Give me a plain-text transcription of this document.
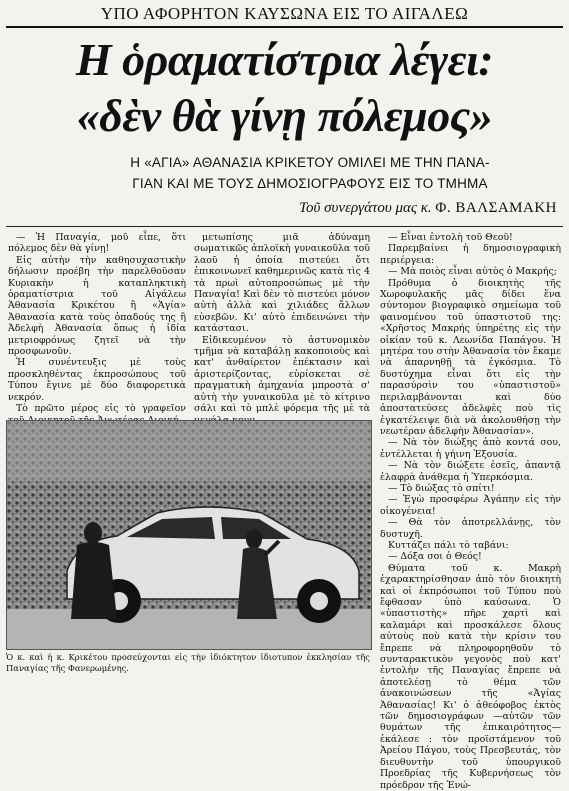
ΥΠΟ ΑΦΟΡΗΤΟΝ ΚΑΥΣΩΝΑ ΕΙΣ ΤΟ ΑΙΓΑΛΕΩ
Η ὁραματίστρια λέγει:
«δὲν θὰ γίνῃ πόλεμος»
Η «ΑΓΙΑ» ΑΘΑΝΑΣΙΑ ΚΡΙΚΕΤΟΥ ΟΜΙΛΕΙ ΜΕ ΤΗΝ ΠΑΝΑ-
ΓΙΑΝ ΚΑΙ ΜΕ ΤΟΥΣ ΔΗΜΟΣΙΟΓΡΑΦΟΥΣ ΕΙΣ ΤΟ ΤΜΗΜΑ
Τοῦ συνεργάτου μας κ. Φ. ΒΑΛΣΑΜΑΚΗ

— Ἡ Παναγία, μοῦ εἶπε, ὅτι πόλεμος δὲν θὰ γίνῃ!

Εἰς αὐτὴν τὴν καθησυχαστικὴν δήλωσιν προέβη τὴν παρελθοῦσαν Κυριακὴν ἡ καταπληκτικὴ ὁραματίστρια τοῦ Αἰγάλεω Ἀθανασία Κρικέτου ἢ «Ἁγία» Ἀθανασία κατὰ τοὺς ὀπαδούς της ἢ Ἀδελφὴ Ἀθανασία ὅπως ἡ ἰδία μετριοφρόνως ζητεῖ νὰ τὴν προσφωνοῦν.

Ἡ συνέντευξις μὲ τοὺς προσκληθέντας ἐκπροσώπους τοῦ Τύπου ἔγινε μὲ δύο διαφορετικὰ νεκρόν.

Τὸ πρῶτο μέρος εἰς τὸ γραφεῖον

μετωπίσης μιᾶ ἀδύναμη σωματικῶς ἁπλοϊκὴ γυναικοῦλα τοῦ λαοῦ ἡ ὁποία πιστεύει ὅτι ἐπικοινωνεῖ καθημερινῶς κατὰ τὶς 4 τὰ πρωὶ αὐτοπροσώπως μὲ τὴν Παναγία! Καὶ δὲν τὸ πιστεύει μόνον αὐτὴ ἀλλὰ καὶ χιλιάδες ἄλλων εὐσεβῶν. Κι' αὐτὸ ἐπιδεινώνει τὴν κατάστασι.

Εἰδικευμένον τὸ ἀστυνομικὸν τμῆμα νὰ καταβάλῃ κακοποιοὺς καὶ κατ' ἀνθαίρετον ἐπέκτασιν καὶ ἀριστερίζοντας, εὑρίσκεται σὲ πραγματικὴ ἀμηχανία μπροστὰ σ' αὐτὴ τὴν γυναικοῦλα μὲ τὸ κίτρινο σάλι καὶ τὸ μπλὲ φόρεμα τῆς μὲ τὰ

— Εἶναι ἐντολὴ τοῦ Θεοῦ!

Παρεμβαίνει ἡ δημοσιογραφικὴ περιέργεια:

— Μὰ ποιὸς εἶναι αὐτὸς ὁ Μακρής;

Πρόθυμα ὁ διοικητὴς τῆς Χωροφυλακῆς μᾶς δίδει ἕνα σύντομον βιογραφικὸ σημείωμα τοῦ φαινομένου τοῦ ὑπαστιστοῦ της: «Χρῆστος Μακρής ὑπηρέτης εἰς τὴν οἰκίαν τοῦ κ. Λεωνίδα Παπάγου. Ἡ μητέρα του στὴν Ἀθανασία τὸν ἔκαμε νὰ ἀπαρνηθῇ τὰ ἐγκόσμια. Τὸ δυστύχημα εἶναι ὅτι εἰς τὴν παρασύρσὶν του «ὑπαστιστοῦ» περιλαμβάνονται καὶ δύο ἀποστατεύσες ἀδελφὲς ποὺ τὶς ἐγκατέλειψε διὰ νὰ ἀκολουθήσῃ τὴν νεωτέραν ἀδελφὴν Ἀθανασίαν».

— Νὰ τὸν διώξης ἀπὸ κοντά σου, ἐντέλλεται ἡ γήινη Ἐξουσία.

— Νὰ τὸν διώξετε ἐσεῖς, ἀπαντᾷ ἑλαφρὰ ἀνάθεμα ἡ Ὑπερκόσμια.

— Τὸ διώξας τὸ σπίτι!

— Ἐγὼ προσφέρω Ἀγάπην εἰς τὴν οἰκογένεια!

— Θὰ τὸν ἀποτρελλάνῃς, τὸν δυστυχῆ.

Κυττάζει πάλι τὸ ταβάνι:

— Δόξα σοι ὁ Θεός!

Θύματα τοῦ κ. Μακρὴ ἐχαρακτηρίσθησαν ἀπὸ τὸν διοικητὴ καὶ οἱ ἐκπρόσωποι τοῦ Τύπου ποὺ ἔφθασαν ὑπὸ καύσωνα. Ὁ «ὑπαστιστὴς» πῆρε χαρτὶ καὶ καλαμάρι καὶ προσκάλεσε ὅλους αὐτοὺς ποὺ κατὰ τὴν κρίσιν του ἔπρεπε νὰ πληροφορηθοῦν τὸ συνταρακτικὸν γεγονὸς ποὺ κατ' ἐντολὴν τῆς Παναγίας ἔπρεπε νὰ ἀποτελέσῃ τὸ θέμα τῶν ἀνακοινώσεων τῆς «Ἁγίας Ἀθανασίας! Κι' ὁ ἀθεόφοβος ἐκτὸς τῶν δημοσιογράφων —αὐτῶν τῶν θυμάτων τῆς ἐπικαιρότητος— ἐκάλεσε : τὸν προϊστάμενον τοῦ Ἀρείου Πάγου, τοὺς Πρεσβευτάς, τὸν διευθυντὴν τοῦ ὑπουργικοῦ Προεδρίας τῆς Κυβερνήσεως τὸν πρόεδρον τῆς Ἑνώ-

Ὁ κ. καὶ ἡ κ. Κρικέτου προσεύχονται εἰς τὴν ἰδιόκτητον ἰδιοτυπον ἐκκλησίαν τῆς Παναγίας τῆς Φανερωμένης.
